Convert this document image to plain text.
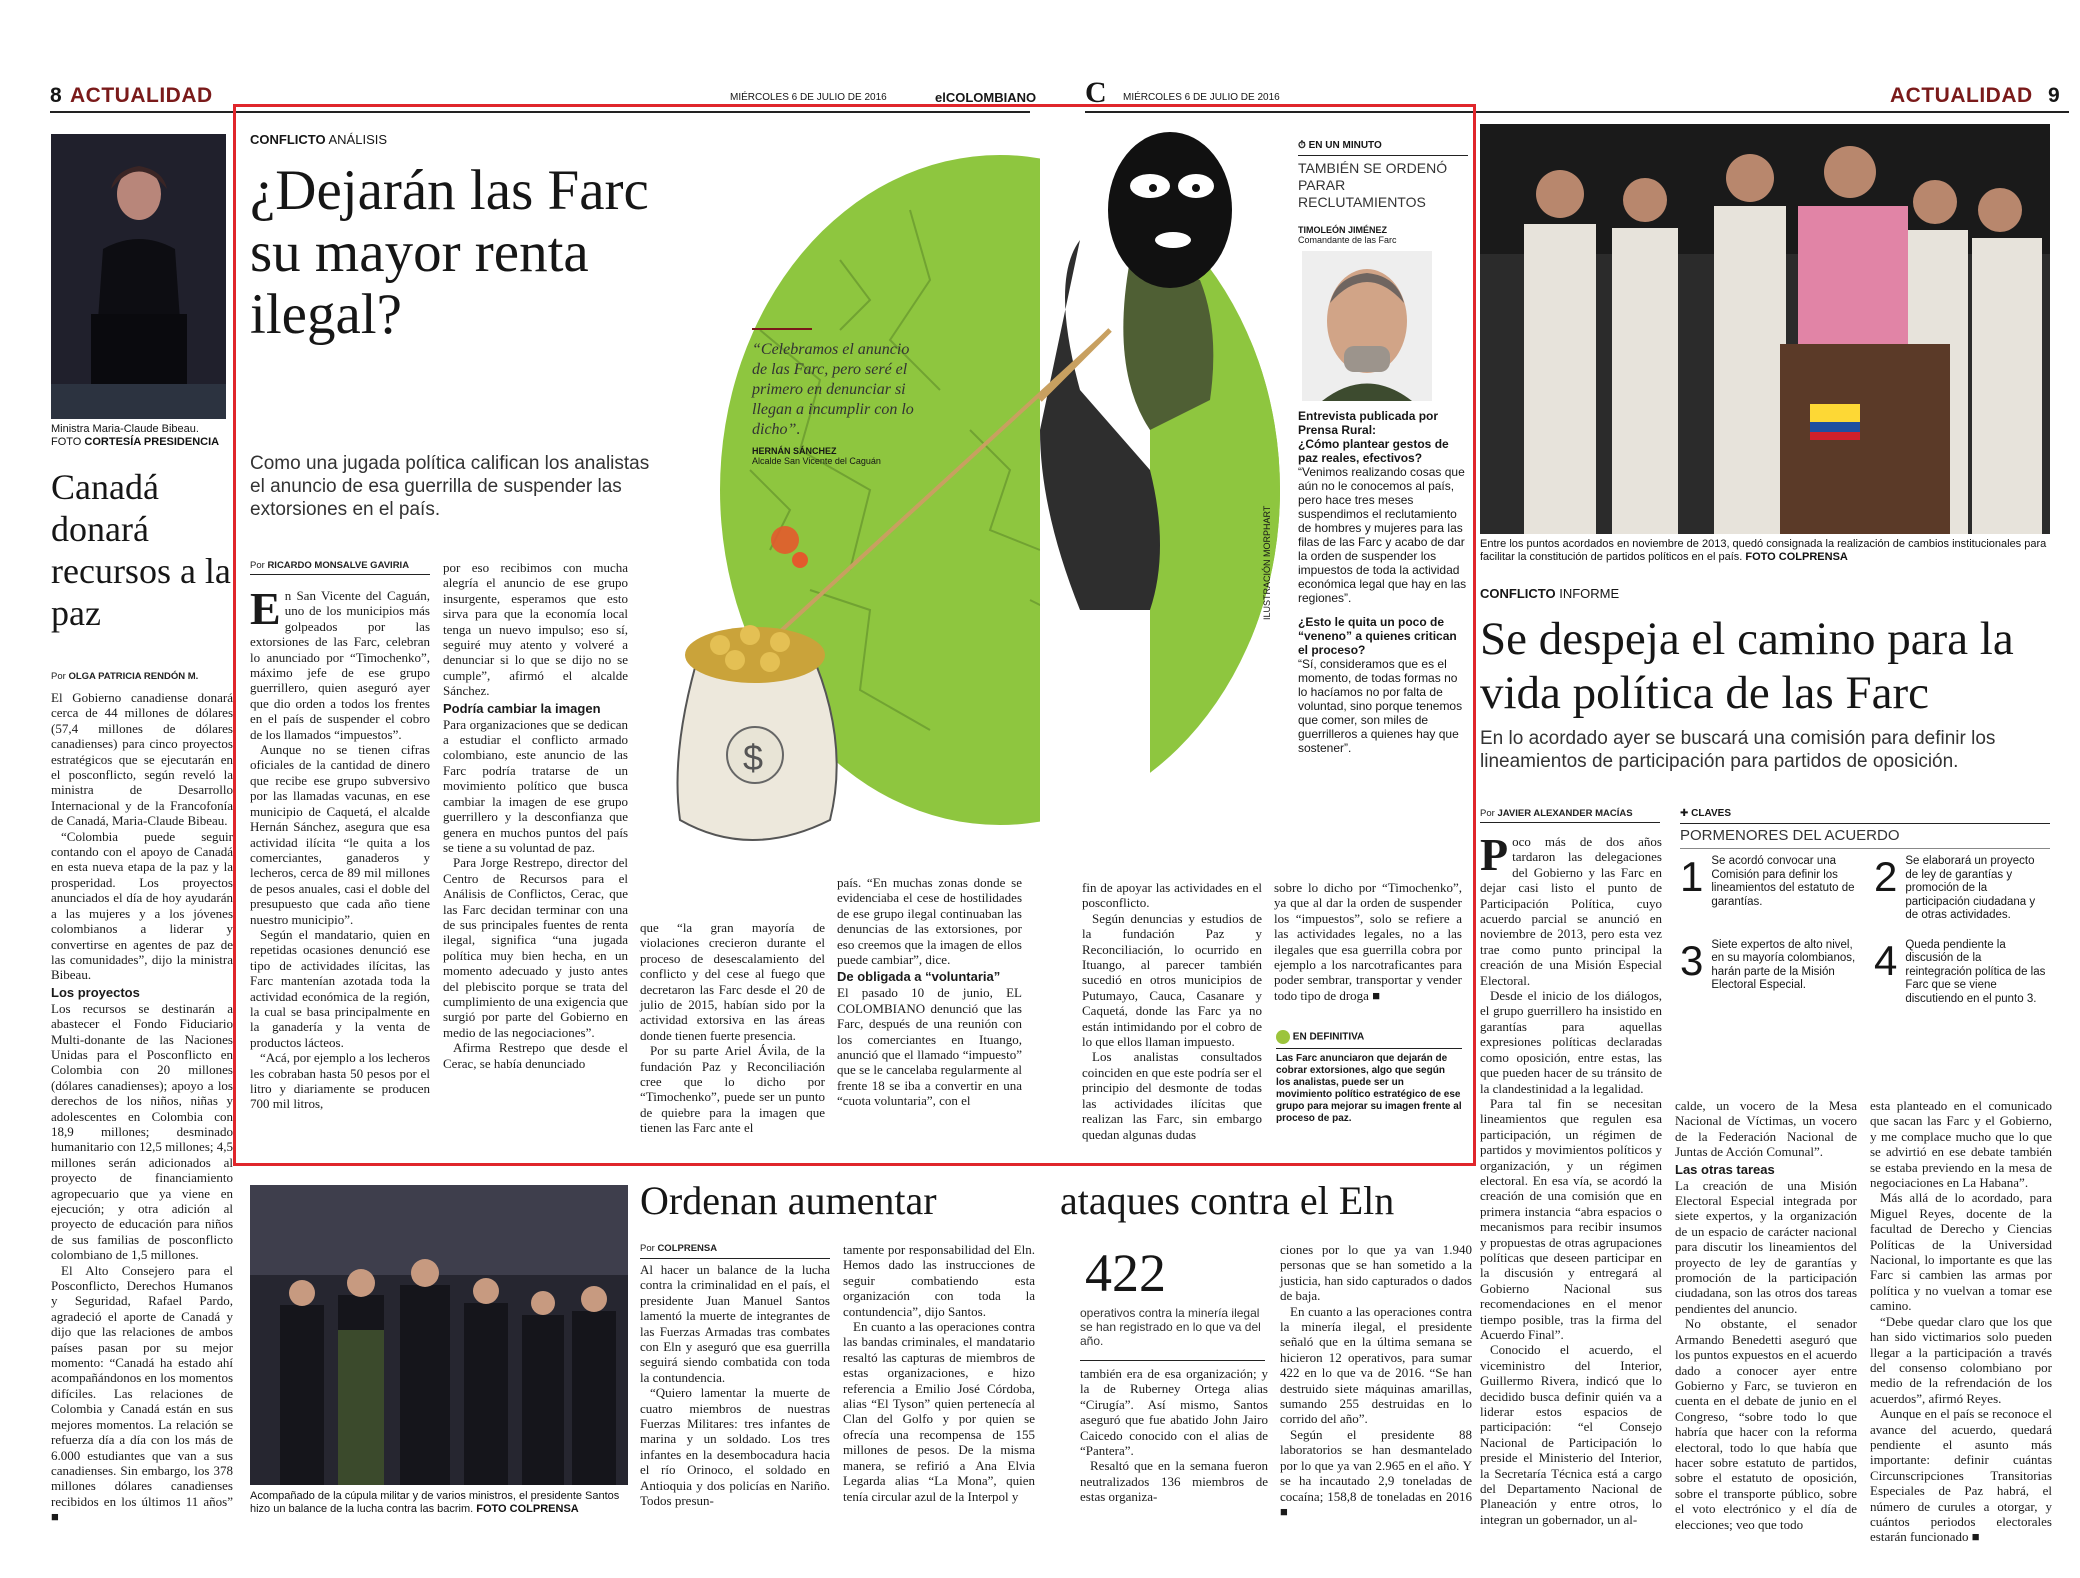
8 ACTUALIDAD	MIÉRCOLES 6 DE JULIO DE 2016	elCOLOMBIANO C MIÉRCOLES 6 DE JULIO DE 2016	ACTUALIDAD 9
Ministra Maria-Claude Bibeau.
FOTO CORTESÍA PRESIDENCIA
Canadá donará recursos a la paz
Por OLGA PATRICIA RENDÓN M.

El Gobierno canadiense donará cerca de 44 millones de dólares (57,4 millones de dólares canadienses) para cinco proyectos estratégicos que se ejecutarán en el posconflicto, según reveló la ministra de Desarrollo Internacional y de la Francofonía de Canadá, Maria-Claude Bibeau.

“Colombia puede seguir contando con el apoyo de Canadá en esta nueva etapa de la paz y la prosperidad. Los proyectos anunciados el día de hoy ayudarán a las mujeres y a los jóvenes colombianos a liderar y convertirse en agentes de paz de las comunidades”, dijo la ministra Bibeau.

Los proyectos

Los recursos se destinarán a abastecer el Fondo Fiduciario Multi-donante de las Naciones Unidas para el Posconflicto en Colombia con 20 millones (dólares canadienses); apoyo a los derechos de los niños, niñas y adolescentes en Colombia con 18,9 millones; desminado humanitario con 12,5 millones; 4,5 millones serán adicionados al proyecto de financiamiento agropecuario que ya viene en ejecución; y otra adición al proyecto de educación para niños de sus familias de posconflicto colombiano de 1,5 millones.

El Alto Consejero para el Posconflicto, Derechos Humanos y Seguridad, Rafael Pardo, agradeció el aporte de Canadá y dijo que las relaciones de ambos países pasan por su mejor momento: “Canadá ha estado ahí acompañándonos en los momentos difíciles. Las relaciones de Colombia y Canadá están en sus mejores momentos. La relación se refuerza día a día con los más de 6.000 estudiantes que van a sus canadienses. Sin embargo, los 378 millones dólares canadienses recibidos en los últimos 11 años” ■

$
CONFLICTO ANÁLISIS
¿Dejarán las Farc su mayor renta ilegal?
Como una jugada política califican los analistas el anuncio de esa guerrilla de suspender las extorsiones en el país.
“Celebramos el anuncio de las Farc, pero seré el primero en denunciar si llegan a incumplir con lo dicho”.
HERNÁN SÁNCHEZ
Alcalde San Vicente del Caguán
ILUSTRACIÓN MORPHART
Por RICARDO MONSALVE GAVIRIA

En San Vicente del Caguán, uno de los municipios más golpeados por las extorsiones de las Farc, celebran lo anunciado por “Timochenko”, máximo jefe de ese grupo guerrillero, quien aseguró ayer que dio orden a todos los frentes en el país de suspender el cobro de los llamados “impuestos”.

Aunque no se tienen cifras oficiales de la cantidad de dinero que recibe ese grupo subversivo por las llamadas vacunas, en ese municipio de Caquetá, el alcalde Hernán Sánchez, asegura que esa actividad ilícita “le quita a los comerciantes, ganaderos y lecheros, cerca de 89 mil millones de pesos anuales, casi el doble del presupuesto que cada año tiene nuestro municipio”.

Según el mandatario, quien en repetidas ocasiones denunció ese tipo de actividades ilícitas, las Farc mantenían azotada toda la actividad económica de la región, la cual se basa principalmente en la ganadería y la venta de productos lácteos.

“Acá, por ejemplo a los lecheros les cobraban hasta 50 pesos por el litro y diariamente se producen 700 mil litros,

por eso recibimos con mucha alegría el anuncio de ese grupo insurgente, esperamos que esto sirva para que la economía local tenga un nuevo impulso; eso sí, seguiré muy atento y volveré a denunciar si lo que se dijo no se cumple”, afirmó el alcalde Sánchez.

Podría cambiar la imagen

Para organizaciones que se dedican a estudiar el conflicto armado colombiano, este anuncio de las Farc podría tratarse de un movimiento político que busca cambiar la imagen de ese grupo guerrillero y la desconfianza que genera en muchos puntos del país se tiene a su voluntad de paz.

Para Jorge Restrepo, director del Centro de Recursos para el Análisis de Conflictos, Cerac, que las Farc decidan terminar con una de sus principales fuentes de renta ilegal, significa “una jugada política muy bien hecha, en un momento adecuado y justo antes del plebiscito porque se trata del cumplimiento de una exigencia que surgió por parte del Gobierno en medio de las negociaciones”.

Afirma Restrepo que desde el Cerac, se había denunciado

que “la gran mayoría de violaciones crecieron durante el proceso de desescalamiento del conflicto y del cese al fuego que decretaron las Farc desde el 20 de julio de 2015, habían sido por la actividad extorsiva en las áreas donde tienen fuerte presencia.

Por su parte Ariel Ávila, de la fundación Paz y Reconciliación cree que lo dicho por “Timochenko”, puede ser un punto de quiebre para la imagen que tienen las Farc ante el

país. “En muchas zonas donde se evidenciaba el cese de hostilidades de ese grupo ilegal continuaban las denuncias de las extorsiones, por eso creemos que la imagen de ellos puede cambiar”, dice.

De obligada a “voluntaria”

El pasado 10 de junio, EL COLOMBIANO denunció que las Farc, después de una reunión con los comerciantes en Ituango, anunció que el llamado “impuesto” que se le cancelaba regularmente al frente 18 se iba a convertir en una “cuota voluntaria”, con el

fin de apoyar las actividades en el posconflicto.

Según denuncias y estudios de la fundación Paz y Reconciliación, lo ocurrido en Ituango, al parecer también sucedió en otros municipios de Putumayo, Cauca, Casanare y Caquetá, donde las Farc ya no están intimidando por el cobro de lo que ellos llaman impuesto.

Los analistas consultados coinciden en que este podría ser el principio del desmonte de todas las actividades ilícitas que realizan las Farc, sin embargo quedan algunas dudas

sobre lo dicho por “Timochenko”, ya que al dar la orden de suspender los “impuestos”, solo se refiere a las actividades legales, no a las ilegales que esa guerrilla cobra por ejemplo a los narcotraficantes para poder sembrar, transportar y vender todo tipo de droga ■

⏱ EN UN MINUTO
TAMBIÉN SE ORDENÓ PARAR RECLUTAMIENTOS
TIMOLEÓN JIMÉNEZ
Comandante de las Farc
Entrevista publicada por Prensa Rural:
¿Cómo plantear gestos de paz reales, efectivos?
“Venimos realizando cosas que aún no le conocemos al país, pero hace tres meses suspendimos el reclutamiento de hombres y mujeres para las filas de las Farc y acabo de dar la orden de suspender los impuestos de toda la actividad económica legal que hay en las regiones”.
¿Esto le quita un poco de “veneno” a quienes critican el proceso?
“Sí, consideramos que es el momento, de todas formas no lo hacíamos no por falta de voluntad, sino porque tenemos que comer, son miles de guerrilleros a quienes hay que sostener”.
EN DEFINITIVA
Las Farc anunciaron que dejarán de cobrar extorsiones, algo que según los analistas, puede ser un movimiento político estratégico de ese grupo para mejorar su imagen frente al proceso de paz.
Acompañado de la cúpula militar y de varios ministros, el presidente Santos hizo un balance de la lucha contra las bacrim. FOTO COLPRENSA
Ordenan aumentar	ataques contra el Eln
Por COLPRENSA

Al hacer un balance de la lucha contra la criminalidad en el país, el presidente Juan Manuel Santos lamentó la muerte de integrantes de las Fuerzas Armadas tras combates con Eln y aseguró que esa guerrilla seguirá siendo combatida con toda la contundencia.

“Quiero lamentar la muerte de cuatro miembros de nuestras Fuerzas Militares: tres infantes de marina y un soldado. Los tres infantes en la desembocadura hacia el río Orinoco, el soldado en Antioquia y dos policías en Nariño. Todos presun-

tamente por responsabilidad del Eln. Hemos dado las instrucciones de seguir combatiendo esta organización con toda la contundencia”, dijo Santos.

En cuanto a las operaciones contra las bandas criminales, el mandatario resaltó las capturas de miembros de estas organizaciones, e hizo referencia a Emilio José Córdoba, alias “El Tyson” quien pertenecía al Clan del Golfo y por quien se ofrecía una recompensa de 155 millones de pesos. De la misma manera, se refirió a Ana Elvia Legarda alias “La Mona”, quien tenía circular azul de la Interpol y

422
operativos contra la minería ilegal se han registrado en lo que va del año.

también era de esa organización; y la de Ruberney Ortega alias “Cirugía”. Así mismo, Santos aseguró que fue abatido John Jairo Caicedo conocido con el alias de “Pantera”.

Resaltó que en la semana fueron neutralizados 136 miembros de estas organiza-

ciones por lo que ya van 1.940 personas que se han sometido a la justicia, han sido capturados o dados de baja.

En cuanto a las operaciones contra la minería ilegal, el presidente señaló que en la última semana se hicieron 12 operativos, para sumar 422 en lo que va de 2016. “Se han destruido siete máquinas amarillas, sumando 255 destruidas en lo corrido del año”.

Según el presidente 88 laboratorios se han desmantelado por lo que ya van 2.965 en el año. Y se ha incautado 2,9 toneladas de cocaína; 158,8 de toneladas en 2016 ■

Entre los puntos acordados en noviembre de 2013, quedó consignada la realización de cambios institucionales para facilitar la constitución de partidos políticos en el país. FOTO COLPRENSA
CONFLICTO INFORME
Se despeja el camino para la vida política de las Farc
En lo acordado ayer se buscará una comisión para definir los lineamientos de participación para partidos de oposición.
Por JAVIER ALEXANDER MACÍAS

Poco más de dos años tardaron las delegaciones del Gobierno y las Farc en dejar casi listo el punto de Participación Política, cuyo acuerdo parcial se anunció en noviembre de 2013, pero esta vez trae como punto principal la creación de una Misión Especial Electoral.

Desde el inicio de los diálogos, el grupo guerrillero ha insistido en garantías para aquellas expresiones políticas declaradas como oposición, entre estas, las que pueden hacer de su tránsito de la clandestinidad a la legalidad.

Para tal fin se necesitan lineamientos que regulen esa participación, un régimen de partidos y movimientos políticos y organización, y un régimen electoral. En esa vía, se acordó la creación de una comisión que en primera instancia “abra espacios o mecanismos para recibir insumos y propuestas de otras agrupaciones políticas que deseen participar en la discusión y entregará al Gobierno Nacional sus recomendaciones en el menor tiempo posible, tras la firma del Acuerdo Final”.

Conocido el acuerdo, el viceministro del Interior, Guillermo Rivera, indicó que lo decidido busca definir quién va a liderar estos espacios de participación: “el Consejo Nacional de Participación lo preside el Ministerio del Interior, la Secretaría Técnica está a cargo del Departamento Nacional de Planeación y entre otros, lo integran un gobernador, un al-

✚ CLAVES
PORMENORES DEL ACUERDO
1 Se acordó convocar una Comisión para definir los lineamientos del estatuto de garantías.
2 Se elaborará un proyecto de ley de garantías y promoción de la participación ciudadana y de otras actividades.
3 Siete expertos de alto nivel, en su mayoría colombianos, harán parte de la Misión Electoral Especial.
4 Queda pendiente la discusión de la reintegración política de las Farc que se viene discutiendo en el punto 3.

calde, un vocero de la Mesa Nacional de Víctimas, un vocero de la Federación Nacional de Juntas de Acción Comunal”.

Las otras tareas

La creación de una Misión Electoral Especial integrada por siete expertos, y la organización de un espacio de carácter nacional para discutir los lineamientos del proyecto de ley de garantías y promoción de la participación ciudadana, son las otros dos tareas pendientes del anuncio.

No obstante, el senador Armando Benedetti aseguró que los puntos expuestos en el acuerdo dado a conocer ayer entre Gobierno y Farc, se tuvieron en cuenta en el debate de junio en el Congreso, “sobre todo lo que habría que hacer con la reforma electoral, todo lo que había que hacer sobre estatuto de partidos, sobre el estatuto de oposición, sobre el transporte público, sobre el voto electrónico y el día de elecciones; veo que todo

esta planteado en el comunicado que sacan las Farc y el Gobierno, y me complace mucho que lo que se advirtió en ese debate también se estaba previendo en la mesa de negociaciones en La Habana”.

Más allá de lo acordado, para Miguel Reyes, docente de la facultad de Derecho y Ciencias Políticas de la Universidad Nacional, lo importante es que las Farc si cambien las armas por política y no vuelvan a tomar ese camino.

“Debe quedar claro que los que han sido victimarios solo pueden llegar a la participación a través del consenso colombiano por medio de la refrendación de los acuerdos”, afirmó Reyes.

Aunque en el país se reconoce el avance del acuerdo, quedará pendiente el asunto más importante: definir cuántas Circunscripciones Transitorias Especiales de Paz habrá, el número de curules a otorgar, y cuántos periodos electorales estarán funcionado ■
